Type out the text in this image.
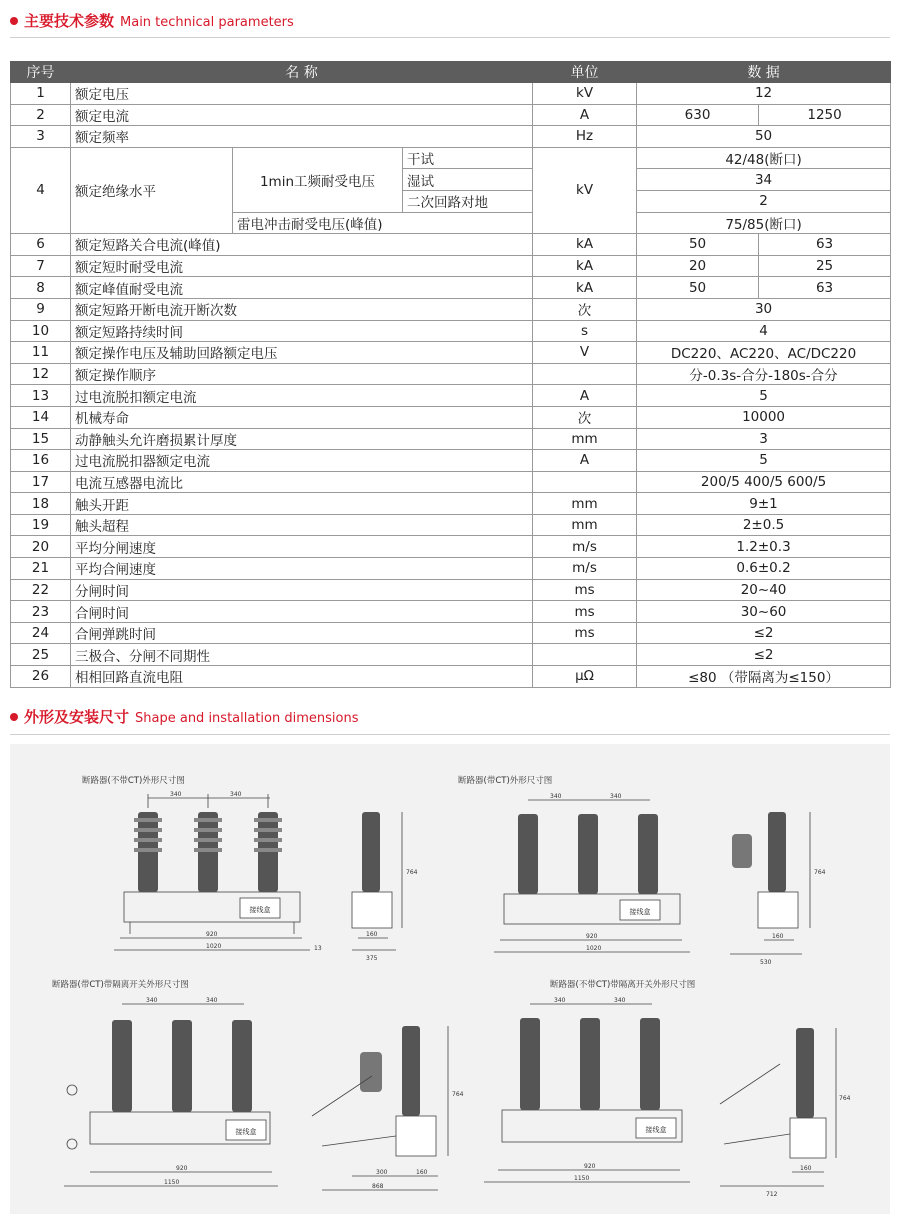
主要技术参数 Main technical parameters
序号	名 称			单位	数 据	
1	额定电压			kV	12	
2	额定电流			A	630	1250
3	额定频率			Hz	50	
4	额定绝缘水平	1min工频耐受电压	干试	kV	42/48(断口)	
			湿试		34	
			二次回路对地		2	
		雷电冲击耐受电压(峰值)			75/85(断口)	
6	额定短路关合电流(峰值)			kA	50	63
7	额定短时耐受电流			kA	20	25
8	额定峰值耐受电流			kA	50	63
9	额定短路开断电流开断次数			次	30	
10	额定短路持续时间			s	4	
11	额定操作电压及辅助回路额定电压			V	DC220、AC220、AC/DC220	
12	额定操作顺序				分-0.3s-合分-180s-合分	
13	过电流脱扣额定电流			A	5	
14	机械寿命			次	10000	
15	动静触头允许磨损累计厚度			mm	3	
16	过电流脱扣器额定电流			A	5	
17	电流互感器电流比				200/5 400/5 600/5	
18	触头开距			mm	9±1	
19	触头超程			mm	2±0.5	
20	平均分闸速度			m/s	1.2±0.3	
21	平均合闸速度			m/s	0.6±0.2	
22	分闸时间			ms	20~40	
23	合闸时间			ms	30~60	
24	合闸弹跳时间			ms	≤2	
25	三极合、分闸不同期性				≤2	
26	相相回路直流电阻			μΩ	≤80 （带隔离为≤150）	
外形及安装尺寸 Shape and installation dimensions
断路器(不带CT)外形尺寸图	断路器(带CT)外形尺寸图
断路器(带CT)带隔离开关外形尺寸图	断路器(不带CT)带隔离开关外形尺寸图
接线盒
340	340
920
1020	13
764
160
375
接线盒
340	340
920
1020
764
160
530
接线盒
340	340
920
1150
764
300	160
868
接线盒
340	340
920
1150
764
160
712
